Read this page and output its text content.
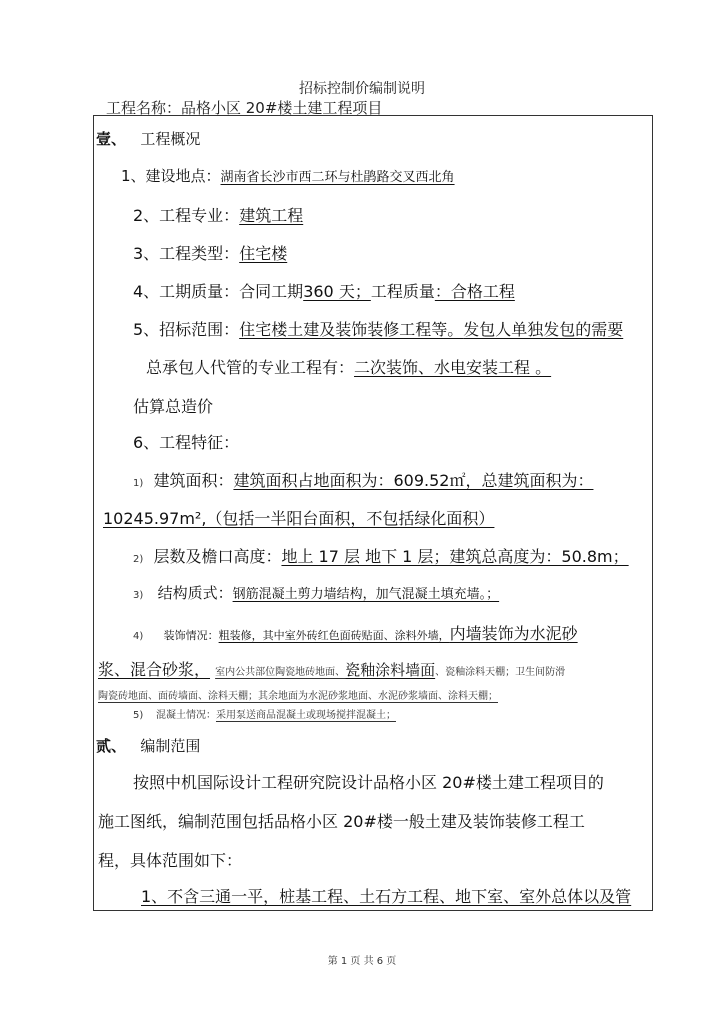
招标控制价编制说明
工程名称：品格小区 20#楼土建工程项目
壹、 工程概况
1、建设地点：湖南省长沙市西二环与杜鹃路交叉西北角
2、工程专业：建筑工程
3、工程类型：住宅楼
4、工期质量：合同工期360 天；工程质量：合格工程
5、招标范围：住宅楼土建及装饰装修工程等。发包人单独发包的需要
总承包人代管的专业工程有：二次装饰、水电安装工程 。
估算总造价
6、工程特征：
1) 建筑面积：建筑面积占地面积为：609.52㎡，总建筑面积为：
10245.97m²,（包括一半阳台面积，不包括绿化面积）
2) 层数及檐口高度：地上 17 层 地下 1 层；建筑总高度为：50.8m；
3) 结构质式：钢筋混凝土剪力墙结构，加气混凝土填充墙。；
4) 装饰情况：粗装修，其中室外砖红色面砖贴面、涂料外墙，内墙装饰为水泥砂
浆、混合砂浆， 室内公共部位陶瓷地砖地面、瓷釉涂料墙面、瓷釉涂料天棚；卫生间防滑
陶瓷砖地面、面砖墙面、涂料天棚；其余地面为水泥砂浆地面、水泥砂浆墙面、涂料天棚；
5) 混凝土情况：采用泵送商品混凝土或现场搅拌混凝土；
贰、 编制范围
按照中机国际设计工程研究院设计品格小区 20#楼土建工程项目的
施工图纸，编制范围包括品格小区 20#楼一般土建及装饰装修工程工
程，具体范围如下：
1、不含三通一平，桩基工程、土石方工程、地下室、室外总体以及管
第 1 页 共 6 页
